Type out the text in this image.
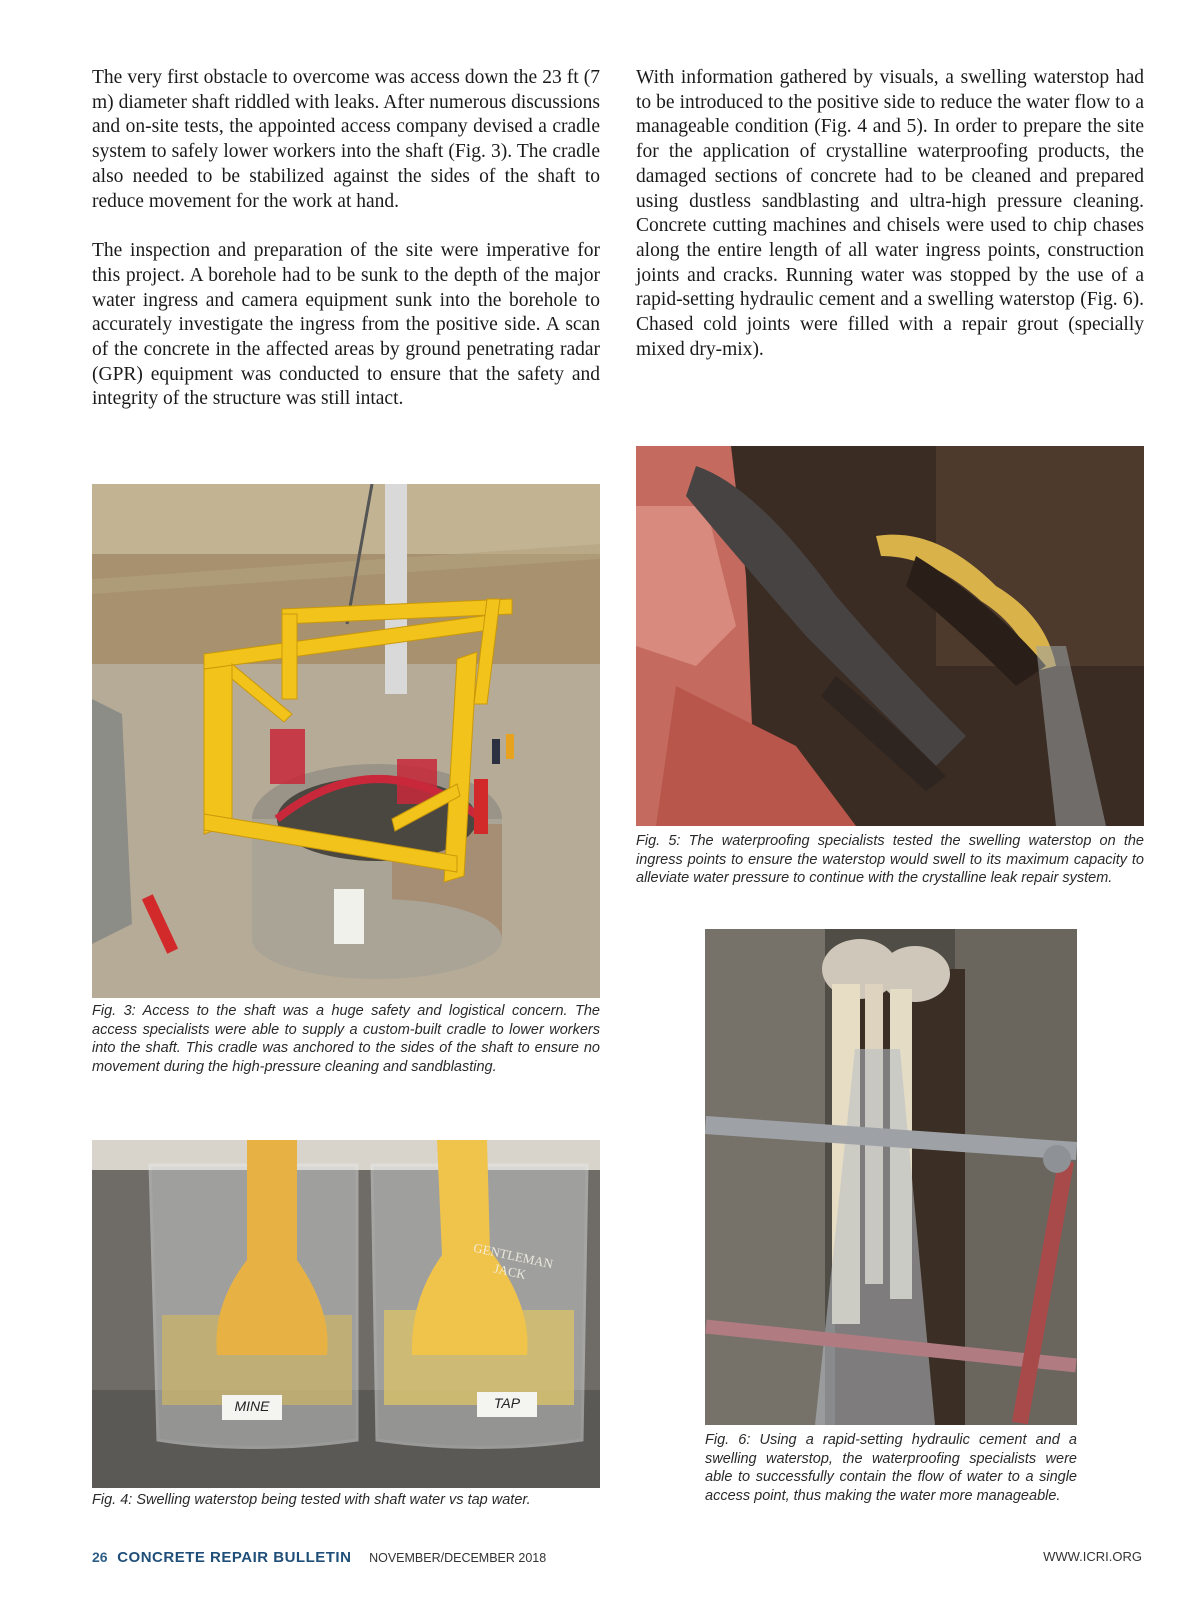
The very first obstacle to overcome was access down the 23 ft (7 m) diameter shaft riddled with leaks. After numerous discussions and on-site tests, the appointed access company devised a cradle system to safely lower workers into the shaft (Fig. 3). The cradle also needed to be stabilized against the sides of the shaft to reduce movement for the work at hand.

The inspection and preparation of the site were imperative for this project. A borehole had to be sunk to the depth of the major water ingress and camera equipment sunk into the borehole to accurately investigate the ingress from the positive side. A scan of the concrete in the affected areas by ground penetrating radar (GPR) equipment was conducted to ensure that the safety and integrity of the structure was still intact.

With information gathered by visuals, a swelling waterstop had to be introduced to the positive side to reduce the water flow to a manageable condition (Fig. 4 and 5). In order to prepare the site for the application of crystalline waterproofing products, the damaged sections of concrete had to be cleaned and prepared using dustless sandblasting and ultra-high pressure cleaning. Concrete cutting machines and chisels were used to chip chases along the entire length of all water ingress points, construction joints and cracks. Running water was stopped by the use of a rapid-setting hydraulic cement and a swelling waterstop (Fig. 6). Chased cold joints were filled with a repair grout (specially mixed dry-mix).

Fig. 3: Access to the shaft was a huge safety and logistical concern. The access specialists were able to supply a custom-built cradle to lower workers into the shaft. This cradle was anchored to the sides of the shaft to ensure no movement during the high-pressure cleaning and sandblasting.
GENTLEMAN JACK
MINE	TAP
Fig. 4: Swelling waterstop being tested with shaft water vs tap water.
Fig. 5: The waterproofing specialists tested the swelling waterstop on the ingress points to ensure the waterstop would swell to its maximum capacity to alleviate water pressure to continue with the crystalline leak repair system.
Fig. 6: Using a rapid-setting hydraulic cement and a swelling waterstop, the waterproofing specialists were able to successfully contain the flow of water to a single access point, thus making the water more manageable.
26 CONCRETE REPAIR BULLETIN NOVEMBER/DECEMBER 2018	WWW.ICRI.ORG
